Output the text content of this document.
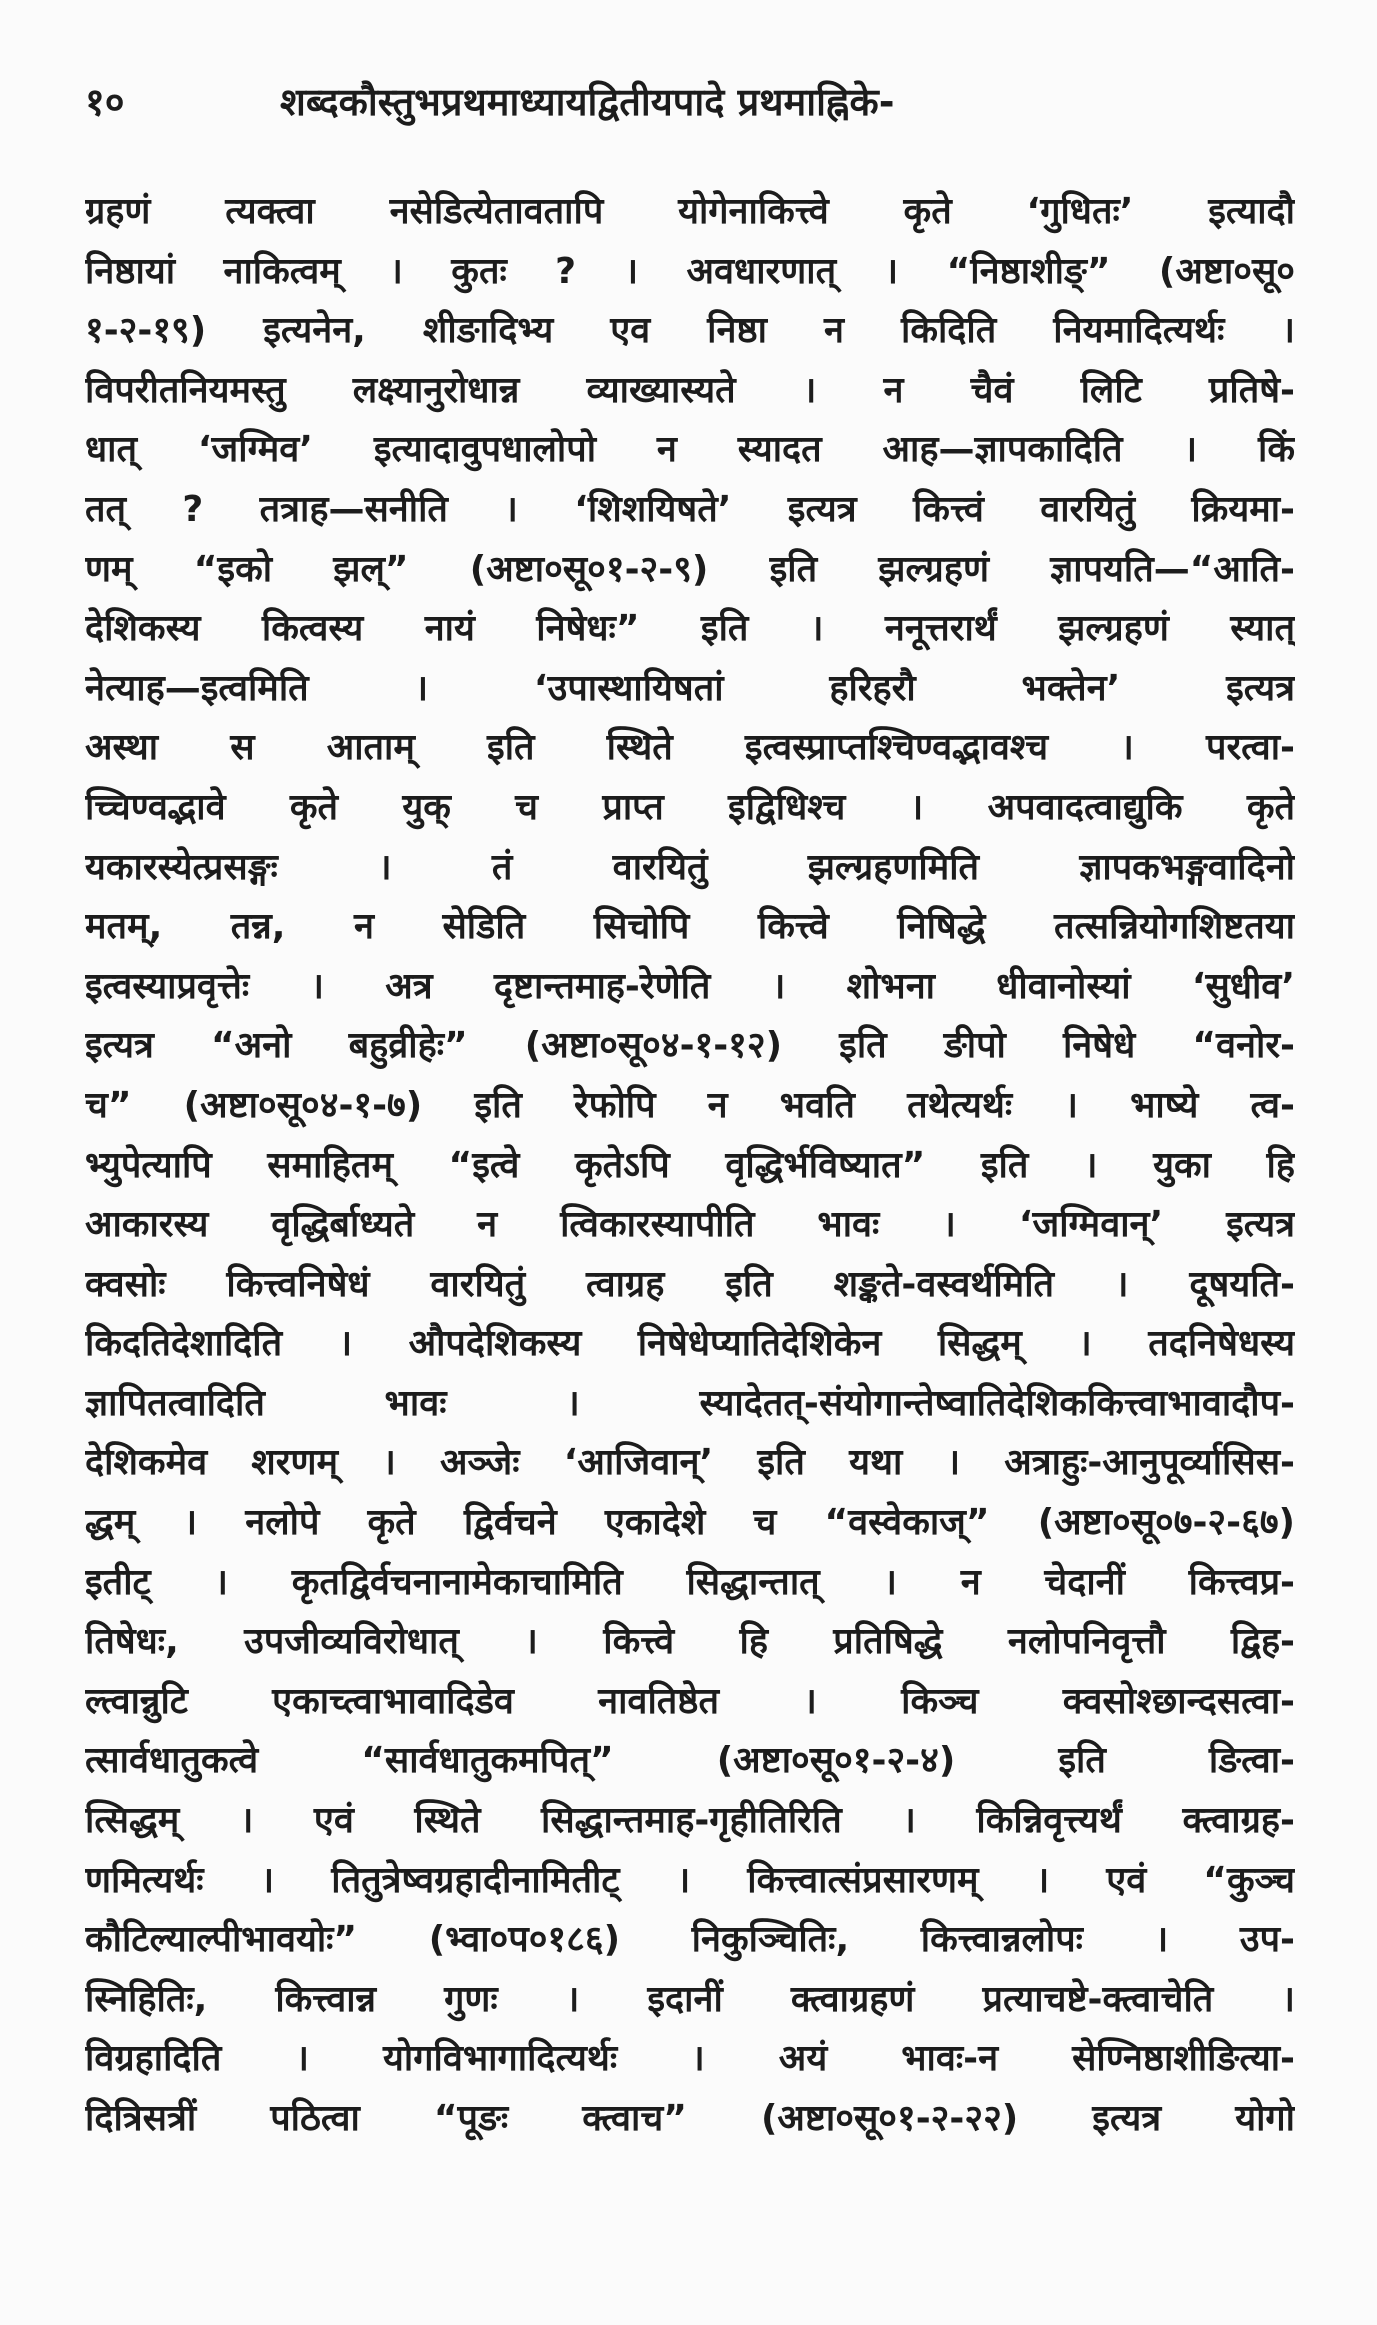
१०	शब्दकौस्तुभप्रथमाध्यायद्वितीयपादे प्रथमाह्निके-
ग्रहणं त्यक्त्वा नसेडित्येतावतापि योगेनाकित्त्वे कृते ‘गुधितः’ इत्यादौ
निष्ठायां नाकित्वम् । कुतः ? । अवधारणात् । “निष्ठाशीङ्” (अष्टा०सू०
१-२-१९) इत्यनेन, शीङादिभ्य एव निष्ठा न किदिति नियमादित्यर्थः ।
विपरीतनियमस्तु लक्ष्यानुरोधान्न व्याख्यास्यते । न चैवं लिटि प्रतिषे-
धात् ‘जग्मिव’ इत्यादावुपधालोपो न स्यादत आह—ज्ञापकादिति । किं
तत् ? तत्राह—सनीति । ‘शिशयिषते’ इत्यत्र कित्त्वं वारयितुं क्रियमा-
णम् “इको झल्” (अष्टा०सू०१-२-९) इति झल्ग्रहणं ज्ञापयति—“आति-
देशिकस्य कित्वस्य नायं निषेधः” इति । ननूत्तरार्थं झल्ग्रहणं स्यात्
नेत्याह—इत्वमिति । ‘उपास्थायिषतां हरिहरौ भक्तेन’ इत्यत्र
अस्था स आताम् इति स्थिते इत्वस्प्राप्तश्चिण्वद्भावश्च । परत्वा-
च्चिण्वद्भावे कृते युक् च प्राप्त इद्विधिश्च । अपवादत्वाद्युकि कृते
यकारस्येत्प्रसङ्गः । तं वारयितुं झल्ग्रहणमिति ज्ञापकभङ्गवादिनो
मतम्, तन्न, न सेडिति सिचोपि कित्त्वे निषिद्धे तत्सन्नियोगशिष्टतया
इत्वस्याप्रवृत्तेः । अत्र दृष्टान्तमाह-रेणेति । शोभना धीवानोस्यां ‘सुधीव’
इत्यत्र “अनो बहुव्रीहेः” (अष्टा०सू०४-१-१२) इति ङीपो निषेधे “वनोर-
च” (अष्टा०सू०४-१-७) इति रेफोपि न भवति तथेत्यर्थः । भाष्ये त्व-
भ्युपेत्यापि समाहितम् “इत्वे कृतेऽपि वृद्धिर्भविष्यात” इति । युका हि
आकारस्य वृद्धिर्बाध्यते न त्विकारस्यापीति भावः । ‘जग्मिवान्’ इत्यत्र
क्वसोः कित्त्वनिषेधं वारयितुं त्वाग्रह इति शङ्कते-वस्वर्थमिति । दूषयति-
किदतिदेशादिति । औपदेशिकस्य निषेधेप्यातिदेशिकेन सिद्धम् । तदनिषेधस्य
ज्ञापितत्वादिति भावः । स्यादेतत्-संयोगान्तेष्वातिदेशिककित्त्वाभावादौप-
देशिकमेव शरणम् । अञ्जेः ‘आजिवान्’ इति यथा । अत्राहुः-आनुपूर्व्यासिस-
द्धम् । नलोपे कृते द्विर्वचने एकादेशे च “वस्वेकाज्” (अष्टा०सू०७-२-६७)
इतीट् । कृतद्विर्वचनानामेकाचामिति सिद्धान्तात् । न चेदानीं कित्त्वप्र-
तिषेधः, उपजीव्यविरोधात् । कित्त्वे हि प्रतिषिद्धे नलोपनिवृत्तौ द्विह-
ल्त्वान्नुटि एकाच्त्वाभावादिडेव नावतिष्ठेत । किञ्च क्वसोश्छान्दसत्वा-
त्सार्वधातुकत्वे “सार्वधातुकमपित्” (अष्टा०सू०१-२-४) इति ङित्वा-
त्सिद्धम् । एवं स्थिते सिद्धान्तमाह-गृहीतिरिति । किन्निवृत्त्यर्थं क्त्वाग्रह-
णमित्यर्थः । तितुत्रेष्वग्रहादीनामितीट् । कित्त्वात्संप्रसारणम् । एवं “कुञ्च
कौटिल्याल्पीभावयोः” (भ्वा०प०१८६) निकुञ्चितिः, कित्त्वान्नलोपः । उप-
स्निहितिः, कित्त्वान्न गुणः । इदानीं क्त्वाग्रहणं प्रत्याचष्टे-क्त्वाचेति ।
विग्रहादिति । योगविभागादित्यर्थः । अयं भावः-न सेण्निष्ठाशीङित्या-
दित्रिसत्रीं पठित्वा “पूङः क्त्वाच” (अष्टा०सू०१-२-२२) इत्यत्र योगो
